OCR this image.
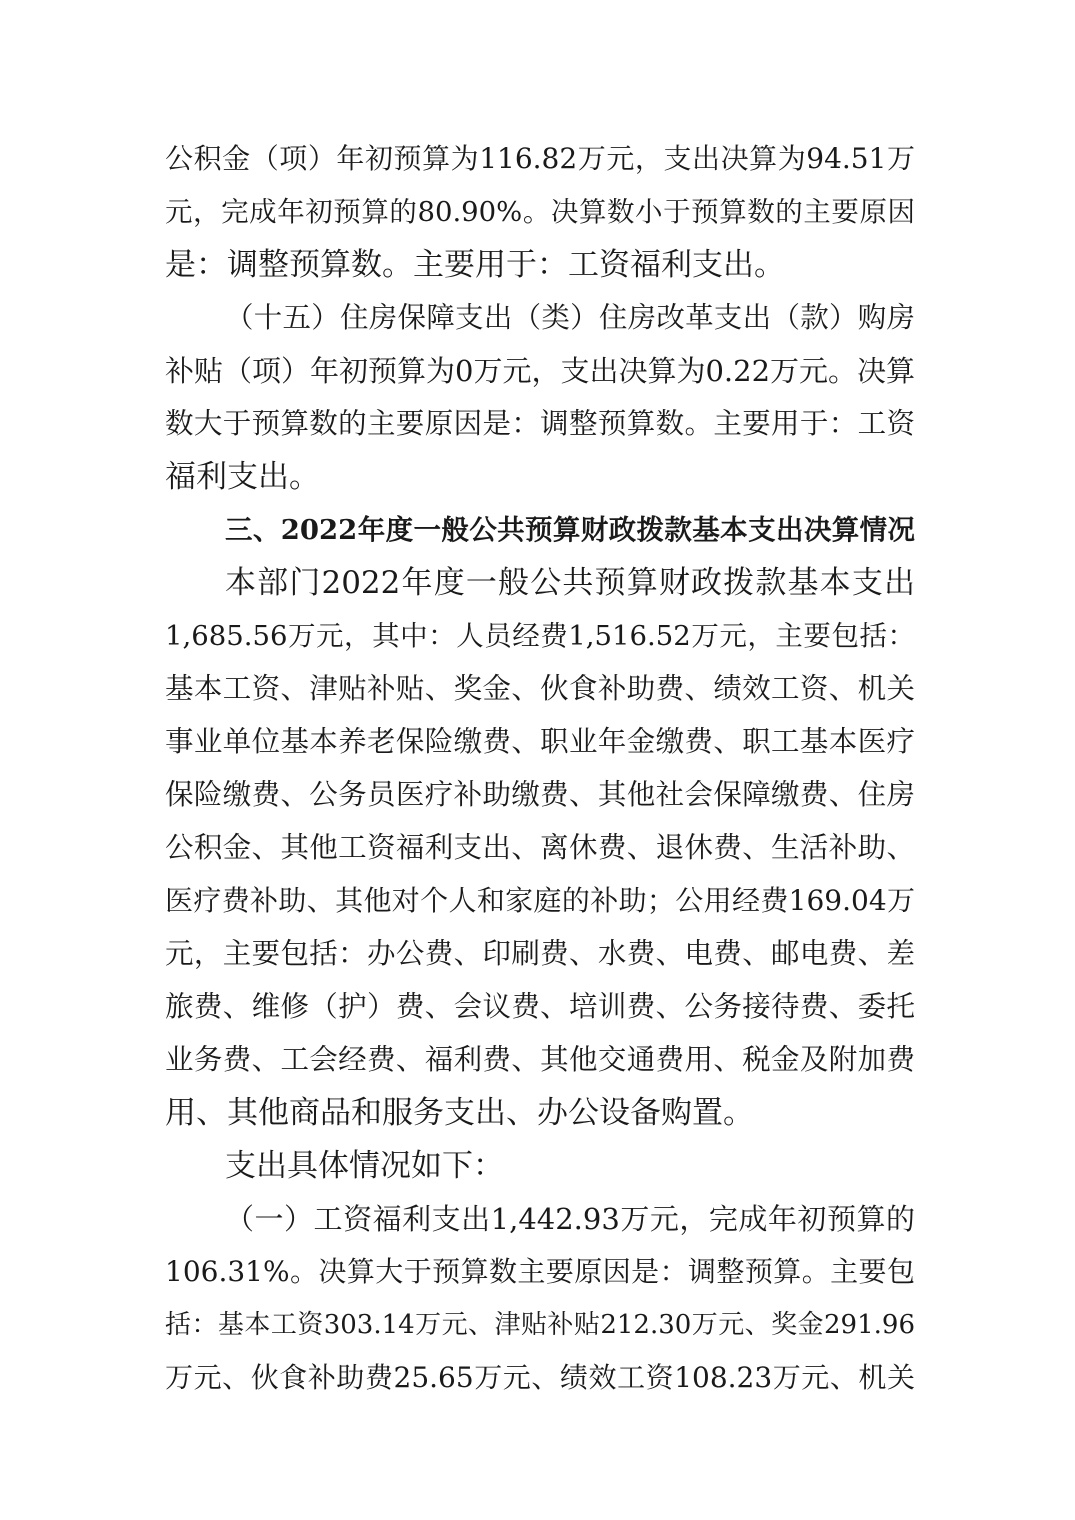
公积金（项）年初预算为116.82万元，支出决算为94.51万
元，完成年初预算的80.90%。决算数小于预算数的主要原因
是：调整预算数。主要用于：工资福利支出。
（十五）住房保障支出（类）住房改革支出（款）购房
补贴（项）年初预算为0万元，支出决算为0.22万元。决算
数大于预算数的主要原因是：调整预算数。主要用于：工资
福利支出。
三、2022年度一般公共预算财政拨款基本支出决算情况
本部门2022年度一般公共预算财政拨款基本支出
1,685.56万元，其中：人员经费1,516.52万元，主要包括：
基本工资、津贴补贴、奖金、伙食补助费、绩效工资、机关
事业单位基本养老保险缴费、职业年金缴费、职工基本医疗
保险缴费、公务员医疗补助缴费、其他社会保障缴费、住房
公积金、其他工资福利支出、离休费、退休费、生活补助、
医疗费补助、其他对个人和家庭的补助；公用经费169.04万
元，主要包括：办公费、印刷费、水费、电费、邮电费、差
旅费、维修（护）费、会议费、培训费、公务接待费、委托
业务费、工会经费、福利费、其他交通费用、税金及附加费
用、其他商品和服务支出、办公设备购置。
支出具体情况如下：
（一）工资福利支出1,442.93万元，完成年初预算的
106.31%。决算大于预算数主要原因是：调整预算。主要包
括：基本工资303.14万元、津贴补贴212.30万元、奖金291.96
万元、伙食补助费25.65万元、绩效工资108.23万元、机关
